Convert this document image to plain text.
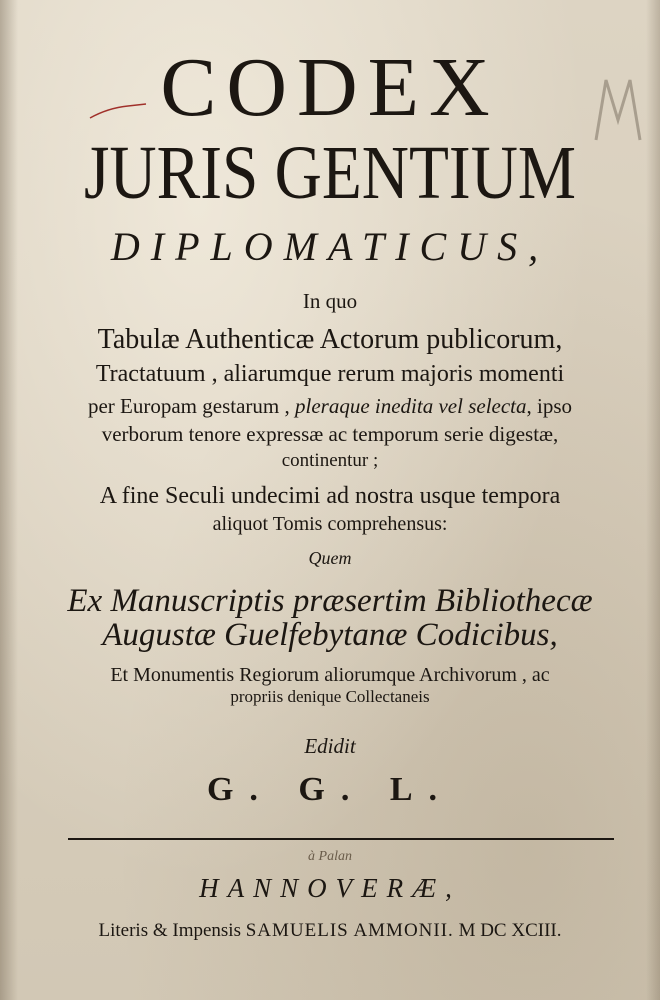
CODEX
JURIS GENTIUM
DIPLOMATICUS,
In quo
Tabulæ Authenticæ Actorum publicorum,
Tractatuum , aliarumque rerum majoris momenti
per Europam gestarum , pleraque inedita vel selecta, ipso
verborum tenore expressæ ac temporum serie digestæ,
continentur ;
A fine Seculi undecimi ad nostra usque tempora
aliquot Tomis comprehensus:
Quem
Ex Manuscriptis præsertim Bibliothecæ
Augustæ Guelfebytanæ Codicibus,
Et Monumentis Regiorum aliorumque Archivorum , ac
propriis denique Collectaneis
Edidit
G. G. L.
à Palan
HANNOVERÆ,
Literis & Impensis SAMUELIS AMMONII. M DC XCIII.
